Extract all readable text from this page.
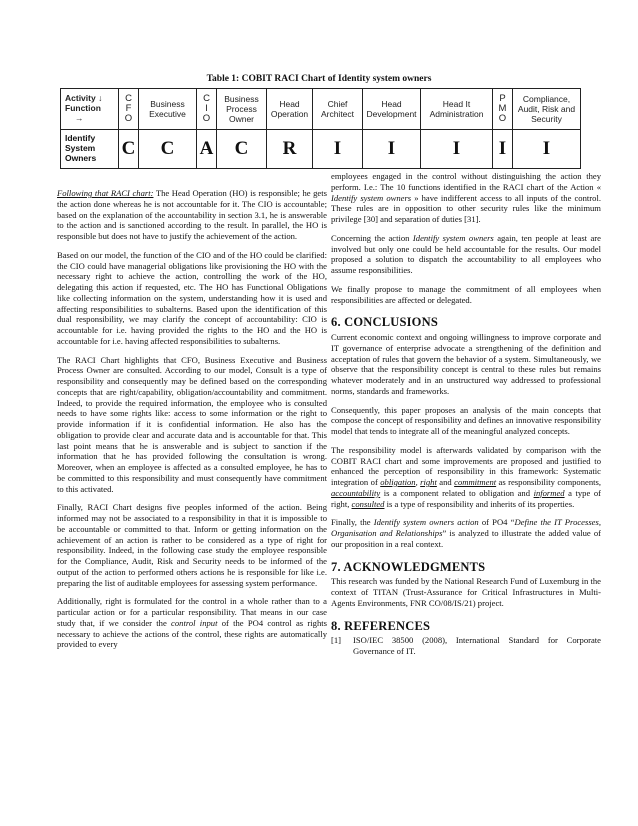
Table 1: COBIT RACI Chart of Identity system owners
Activity ↓
Function
→	C F O	Business Executive	C I O	Business Process Owner	Head Operation	Chief Architect	Head Development	Head It Administration	P M O	Compliance, Audit, Risk and Security
Identify System Owners	C	C	A	C	R	I	I	I	I	I

Following that RACI chart: The Head Operation (HO) is responsible; he gets the action done whereas he is not accountable for it. The CIO is accountable; based on the explanation of the accountability in section 3.1, he is answerable to the action and is sanctioned according to the result. In parallel, the HO is responsible but does not have to justify the achievement of the action.

Based on our model, the function of the CIO and of the HO could be clarified: the CIO could have managerial obligations like provisioning the HO with the necessary right to achieve the action, controlling the work of the HO, delegating this action if requested, etc. The HO has Functional Obligations like collecting information on the system, understanding how it is used and affecting responsibilities to subalterns. Based upon the identification of this dual responsibility, we may clarify the concept of accountability: CIO is accountable for i.e. having provided the rights to the HO and the HO is accountable for i.e. having affected responsibilities to subalterns.

The RACI Chart highlights that CFO, Business Executive and Business Process Owner are consulted. According to our model, Consult is a type of responsibility and consequently may be defined based on the corresponding concepts that are right/capability, obligation/accountability and commitment. Indeed, to provide the required information, the employee who is consulted needs to have some rights like: access to some information or the right to provide information if it is confidential information. He also has the obligation to provide clear and accurate data and is accountable for that. This last point means that he is answerable and is subject to sanction if the information that he has provided following the consultation is wrong. Moreover, when an employee is affected as a consulted employee, he has to be committed to this responsibility and must consequently have commitment to this activated.

Finally, RACI Chart designs five peoples informed of the action. Being informed may not be associated to a responsibility in that it is impossible to be accountable or committed to that. Inform or getting information on the achievement of an action is rather to be considered as a type of right for responsibility. Indeed, in the following case study the employee responsible for the Compliance, Audit, Risk and Security needs to be informed of the output of the action to performed others actions he is responsible for like i.e. preparing the list of auditable employees for assessing system performance.

Additionally, right is formulated for the control in a whole rather than to a particular action or for a particular responsibility. That means in our case study that, if we consider the control input of the PO4 control as rights necessary to achieve the actions of the control, these rights are automatically provided to every

employees engaged in the control without distinguishing the action they perform. I.e.: The 10 functions identified in the RACI chart of the Action « Identify system owners » have indifferent access to all inputs of the control. These rules are in opposition to other security rules like the minimum privilege [30] and separation of duties [31].

Concerning the action Identify system owners again, ten people at least are involved but only one could be held accountable for the results. Our model proposed a solution to dispatch the accountability to all employees who assume responsibilities.

We finally propose to manage the commitment of all employees when responsibilities are affected or delegated.

6. CONCLUSIONS

Current economic context and ongoing willingness to improve corporate and IT governance of enterprise advocate a strengthening of the definition and acceptation of rules that govern the behavior of a system. Simultaneously, we observe that the responsibility concept is central to these rules but remains whatever moderately and in an unstructured way addressed to professional norms, standards and frameworks.

Consequently, this paper proposes an analysis of the main concepts that compose the concept of responsibility and defines an innovative responsibility model that tends to integrate all of the meaningful analyzed concepts.

The responsibility model is afterwards validated by comparison with the COBIT RACI chart and some improvements are proposed and justified to enhanced the perception of responsibility in this framework: Systematic integration of obligation, right and commitment as responsibility components, accountability is a component related to obligation and informed a type of right, consulted is a type of responsibility and inherits of its properties.

Finally, the Identify system owners action of PO4 “Define the IT Processes, Organisation and Relationships” is analyzed to illustrate the added value of our proposition in a real context.

7. ACKNOWLEDGMENTS

This research was funded by the National Research Fund of Luxemburg in the context of TITAN (Trust-Assurance for Critical Infrastructures in Multi-Agents Environments, FNR CO/08/IS/21) project.

8. REFERENCES
[1]	ISO/IEC 38500 (2008), International Standard for Corporate Governance of IT.
